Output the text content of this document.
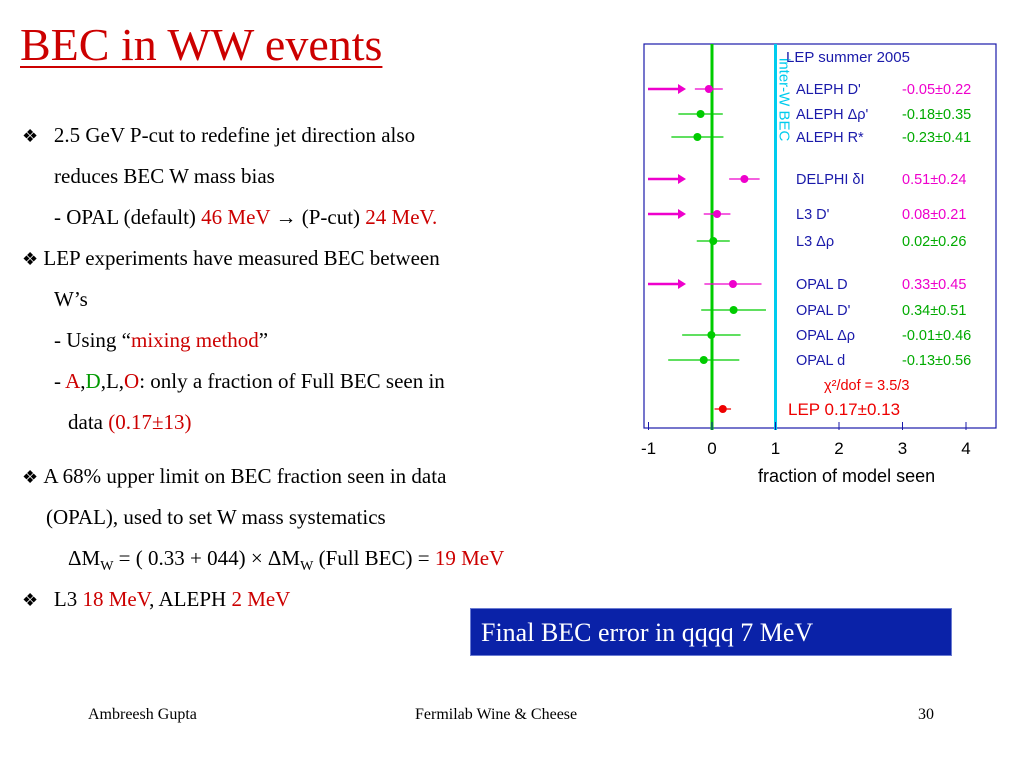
BEC in WW events
❖ 2.5 GeV P-cut to redefine jet direction also
reduces BEC W mass bias
- OPAL (default) 46 MeV → (P-cut) 24 MeV.
❖ LEP experiments have measured BEC between
W’s
- Using “mixing method”
- A,D,L,O: only a fraction of Full BEC seen in
data (0.17±13)
❖ A 68% upper limit on BEC fraction seen in data
(OPAL), used to set W mass systematics
$\Delta M_W$ = ( $0.33 + 044) \times \Delta M_W$ (Full BEC) = 19 MeV
❖ L3 18 MeV, ALEPH 2 MeV
Final BEC error in qqqq 7 MeV
Ambreesh Gupta	Fermilab Wine & Cheese	30
LEP summer 2005
inter-W BEC
-1	0	1	2	3	4
ALEPH D'	-0.05±0.22
ALEPH Δρ' -0.18±0.35
ALEPH R*	-0.23±0.41
DELPHI δI	0.51±0.24
L3 D'	0.08±0.21
L3 Δρ	0.02±0.26
OPAL D	0.33±0.45
OPAL D'	0.34±0.51
OPAL Δρ	-0.01±0.46
OPAL d	-0.13±0.56
LEP 0.17±0.13
χ²/dof = 3.5/3
fraction of model seen
